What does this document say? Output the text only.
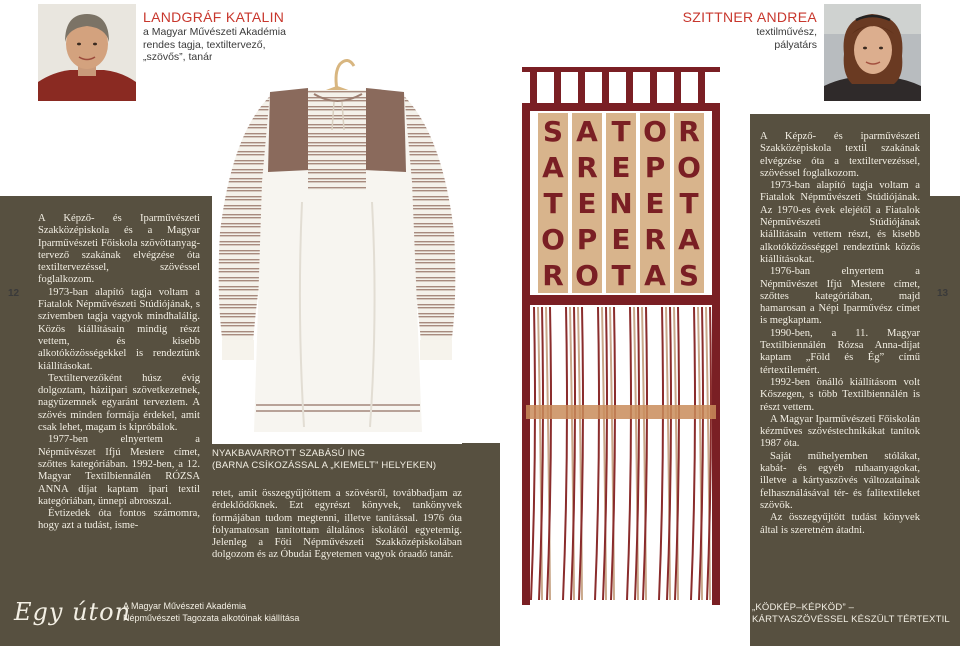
12	13
LANDGRÁF KATALIN
a Magyar Művészeti Akadémia
rendes tagja, textiltervező,
„szövős”, tanár
SZITTNER ANDREA
textilművész,
pályatárs
S A T O R
A R E P O
T E N E T
O P E R A
R O T A S

A Képző- és Iparművészeti Szakközépiskola és a Magyar Iparművészeti Főiskola szövöttanyag-tervező szakának elvégzése óta textiltervezéssel, szövéssel foglalkozom.

1973-ban alapító tagja voltam a Fiatalok Népművészeti Stúdiójának, s szívemben tagja vagyok mindhalálig. Közös kiállításain mindig részt vettem, és kisebb alkotóközösségekkel is rendeztünk kiállításokat.

Textiltervezőként húsz évig dolgoztam, háziipari szövetkezetnek, nagyüzemnek egyaránt terveztem. A szövés minden formája érdekel, amit csak lehet, magam is kipróbálok.

1977-ben elnyertem a Népművészet Ifjú Mestere címet, szőttes kategóriában. 1992-ben, a 12. Magyar Textilbiennálén RÓZSA ANNA díjat kaptam ipari textil kategóriában, ünnepi abrosszal.

Évtizedek óta fontos számomra, hogy azt a tudást, isme-

NYAKBAVARROTT SZABÁSÚ ING
(BARNA CSÍKOZÁSSAL A „KIEMELT” HELYEKEN)

retet, amit összegyűjtöttem a szövésről, továbbadjam az érdeklődőknek. Ezt egyrészt könyvek, tankönyvek formájában tudom megtenni, illetve tanítással. 1976 óta folyamatosan tanítottam általános iskolától egyetemig. Jelenleg a Főti Népművészeti Szakközépiskolában dolgozom és az Óbudai Egyetemen vagyok óraadó tanár.

A Képző- és iparművészeti Szakközépiskola textil szakának elvégzése óta a textiltervezéssel, szövéssel foglalkozom.

1973-ban alapító tagja voltam a Fiatalok Népművészeti Stúdiójának. Az 1970-es évek elejétől a Fiatalok Népművészeti Stúdiójának kiállításain vettem részt, és kisebb alkotóközösséggel rendeztünk közös kiállításokat.

1976-ban elnyertem a Népművészet Ifjú Mestere címet, szőttes kategóriában, majd hamarosan a Népi Iparművész címet is megkaptam.

1990-ben, a 11. Magyar Textilbiennálén Rózsa Anna-díjat kaptam „Föld és Ég” című tértextilemért.

1992-ben önálló kiállításom volt Kőszegen, s több Textilbiennálén is részt vettem.

A Magyar Iparművészeti Főiskolán kézműves szövéstechnikákat tanítok 1987 óta.

Saját műhelyemben stólákat, kabát- és egyéb ruhaanyagokat, illetve a kártyaszövés változatainak felhasználásával tér- és falitextileket szövök.

Az összegyűjtött tudást könyvek által is szeretném átadni.

„KÖDKÉP–KÉPKÖD” –
KÁRTYASZÖVÉSSEL KÉSZÜLT TÉRTEXTIL
Egy úton
A Magyar Művészeti Akadémia
Népművészeti Tagozata alkotóinak kiállítása
